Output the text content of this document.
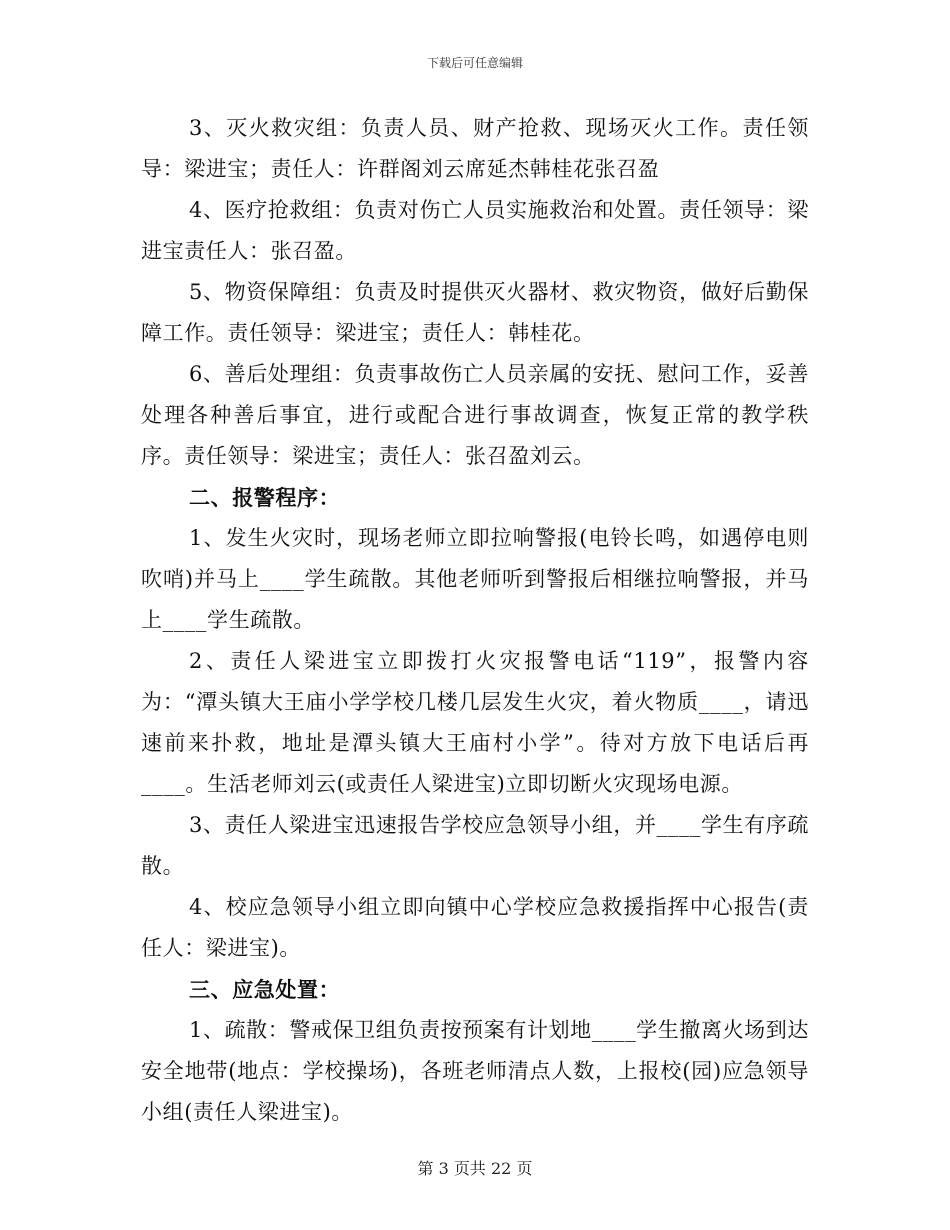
下载后可任意编辑

3、灭火救灾组：负责人员、财产抢救、现场灭火工作。责任领导：梁进宝；责任人：许群阁刘云席延杰韩桂花张召盈

4、医疗抢救组：负责对伤亡人员实施救治和处置。责任领导：梁进宝责任人：张召盈。

5、物资保障组：负责及时提供灭火器材、救灾物资，做好后勤保障工作。责任领导：梁进宝；责任人：韩桂花。

6、善后处理组：负责事故伤亡人员亲属的安抚、慰问工作，妥善处理各种善后事宜，进行或配合进行事故调查，恢复正常的教学秩序。责任领导：梁进宝；责任人：张召盈刘云。

二、报警程序：

1、发生火灾时，现场老师立即拉响警报(电铃长鸣，如遇停电则吹哨)并马上____学生疏散。其他老师听到警报后相继拉响警报，并马上____学生疏散。

2、责任人梁进宝立即拨打火灾报警电话“119”，报警内容为：“潭头镇大王庙小学学校几楼几层发生火灾，着火物质____，请迅速前来扑救，地址是潭头镇大王庙村小学”。待对方放下电话后再____。生活老师刘云(或责任人梁进宝)立即切断火灾现场电源。

3、责任人梁进宝迅速报告学校应急领导小组，并____学生有序疏散。

4、校应急领导小组立即向镇中心学校应急救援指挥中心报告(责任人：梁进宝)。

三、应急处置：

1、疏散：警戒保卫组负责按预案有计划地____学生撤离火场到达安全地带(地点：学校操场)，各班老师清点人数，上报校(园)应急领导小组(责任人梁进宝)。

第 3 页共 22 页
